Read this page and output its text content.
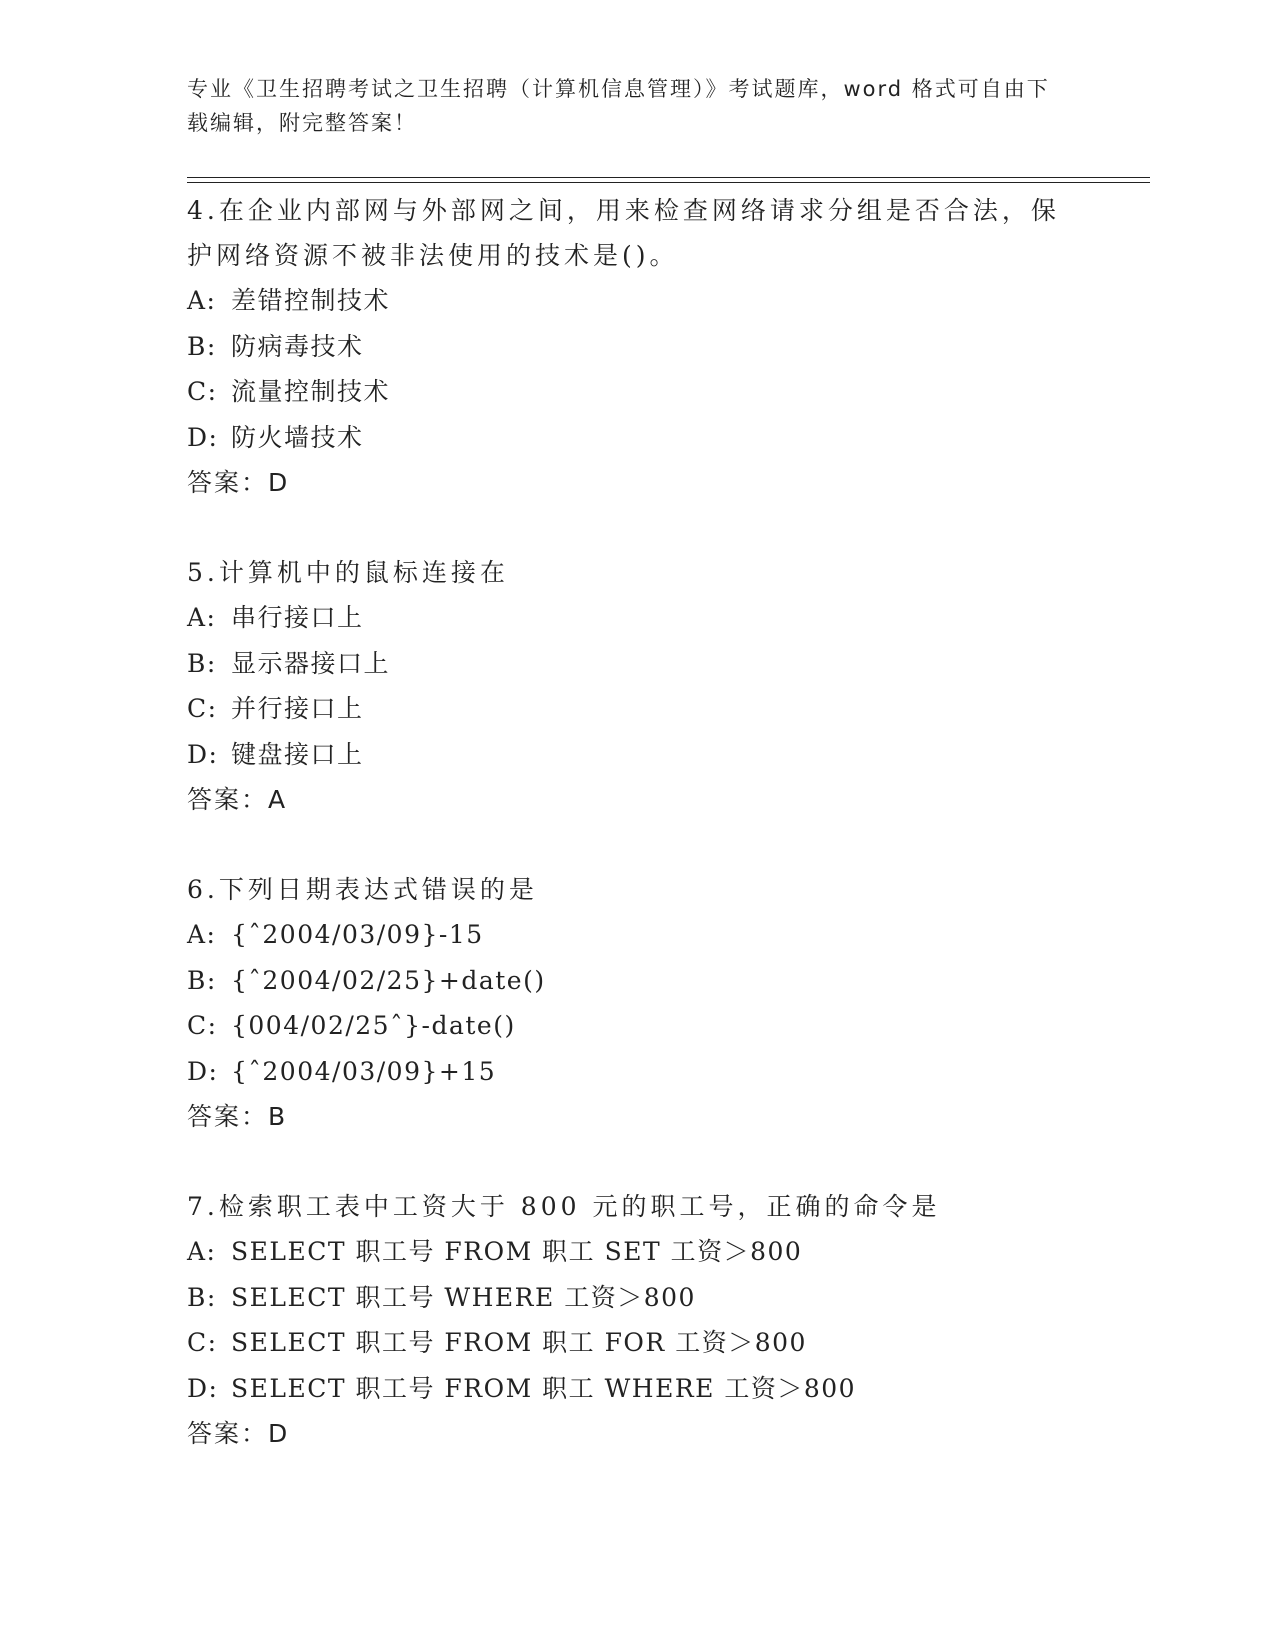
专业《卫生招聘考试之卫生招聘（计算机信息管理）》考试题库，word 格式可自由下载编辑，附完整答案！
4.在企业内部网与外部网之间，用来检查网络请求分组是否合法，保护网络资源不被非法使用的技术是()。
A: 差错控制技术
B: 防病毒技术
C: 流量控制技术
D: 防火墙技术
答案：D
5.计算机中的鼠标连接在
A: 串行接口上
B: 显示器接口上
C: 并行接口上
D: 键盘接口上
答案：A
6.下列日期表达式错误的是
A: {ˆ2004/03/09}-15
B: {ˆ2004/02/25}+date()
C: {004/02/25ˆ}-date()
D: {ˆ2004/03/09}+15
答案：B
7.检索职工表中工资大于 800 元的职工号，正确的命令是
A: SELECT 职工号 FROM 职工 SET 工资＞800
B: SELECT 职工号 WHERE 工资＞800
C: SELECT 职工号 FROM 职工 FOR 工资＞800
D: SELECT 职工号 FROM 职工 WHERE 工资＞800
答案：D
